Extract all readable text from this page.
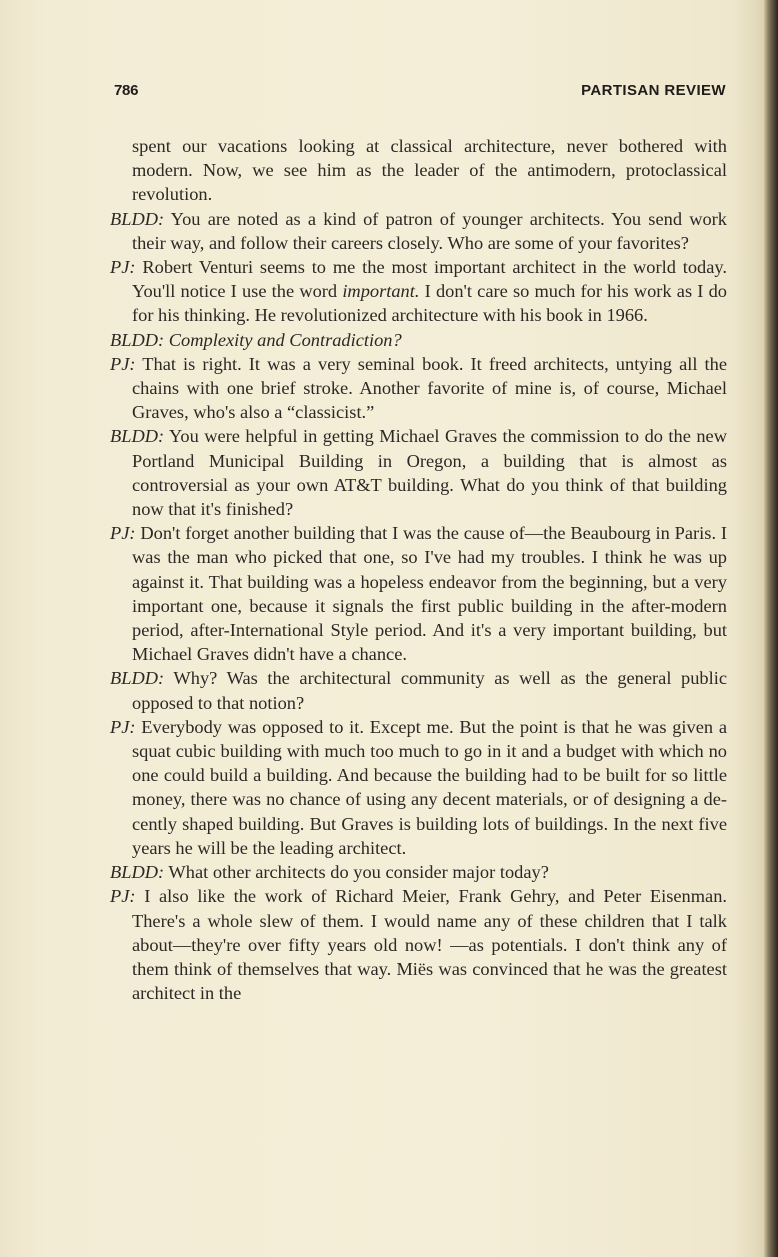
786	PARTISAN REVIEW

spent our vacations looking at classical architecture, never bothered with modern. Now, we see him as the leader of the antimodern, protoclassical revolution.

BLDD: You are noted as a kind of patron of younger architects. You send work their way, and follow their careers closely. Who are some of your favorites?

PJ: Robert Venturi seems to me the most important architect in the world today. You'll notice I use the word important. I don't care so much for his work as I do for his thinking. He revolutionized architecture with his book in 1966.

BLDD: Complexity and Contradiction?

PJ: That is right. It was a very seminal book. It freed architects, untying all the chains with one brief stroke. Another favorite of mine is, of course, Michael Graves, who's also a “classicist.”

BLDD: You were helpful in getting Michael Graves the commission to do the new Portland Municipal Building in Oregon, a building that is almost as controversial as your own AT&T building. What do you think of that building now that it's finished?

PJ: Don't forget another building that I was the cause of—the Beaubourg in Paris. I was the man who picked that one, so I've had my troubles. I think he was up against it. That building was a hopeless endeavor from the beginning, but a very important one, because it signals the first public building in the after-modern period, after-International Style period. And it's a very important building, but Michael Graves didn't have a chance.

BLDD: Why? Was the architectural community as well as the general public opposed to that notion?

PJ: Everybody was opposed to it. Except me. But the point is that he was given a squat cubic building with much too much to go in it and a budget with which no one could build a building. And because the building had to be built for so little money, there was no chance of using any decent materials, or of designing a decently shaped building. But Graves is building lots of buildings. In the next five years he will be the leading architect.

BLDD: What other architects do you consider major today?

PJ: I also like the work of Richard Meier, Frank Gehry, and Peter Eisenman. There's a whole slew of them. I would name any of these children that I talk about—they're over fifty years old now! —as potentials. I don't think any of them think of themselves that way. Miës was convinced that he was the greatest architect in the
